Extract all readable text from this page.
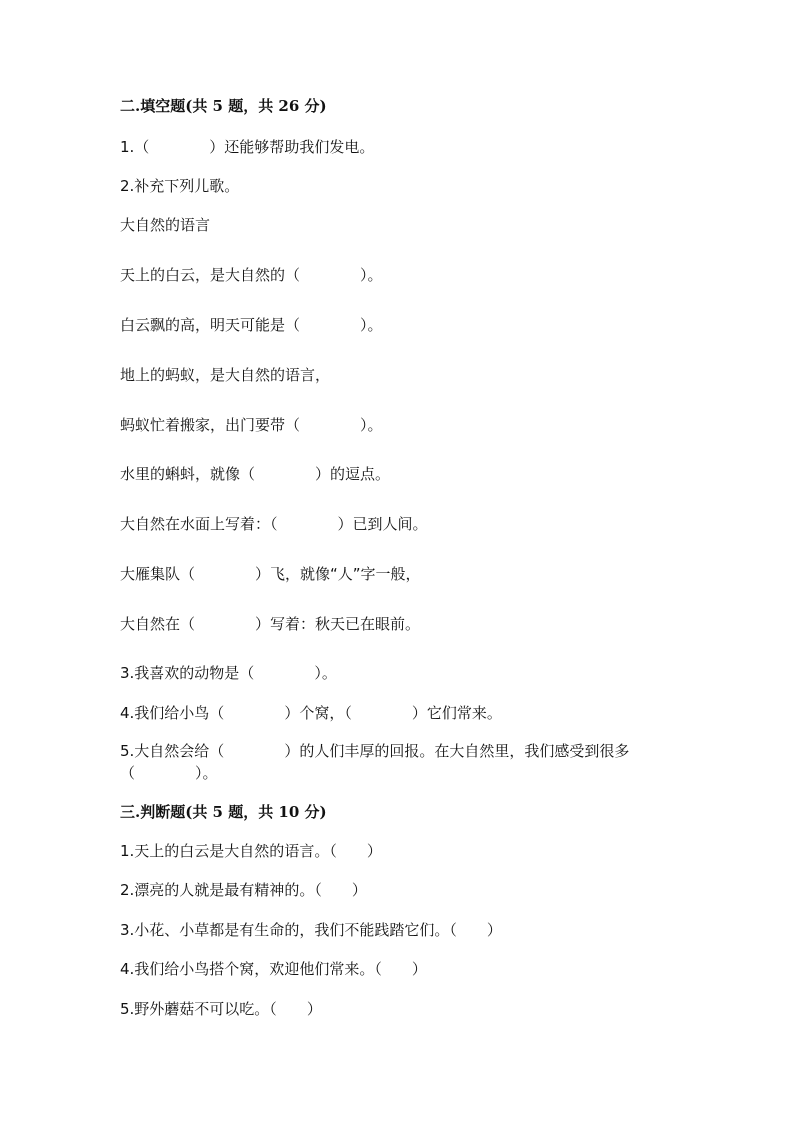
二.填空题(共 5 题，共 26 分)
1.（　　　　）还能够帮助我们发电。
2.补充下列儿歌。
大自然的语言
天上的白云，是大自然的（　　　　）。
白云飘的高，明天可能是（　　　　）。
地上的蚂蚁，是大自然的语言，
蚂蚁忙着搬家，出门要带（　　　　）。
水里的蝌蚪，就像（　　　　）的逗点。
大自然在水面上写着：（　　　　）已到人间。
大雁集队（　　　　）飞，就像“人”字一般，
大自然在（　　　　）写着：秋天已在眼前。
3.我喜欢的动物是（　　　　）。
4.我们给小鸟（　　　　）个窝，（　　　　）它们常来。
5.大自然会给（　　　　）的人们丰厚的回报。在大自然里，我们感受到很多
（　　　　）。
三.判断题(共 5 题，共 10 分)
1.天上的白云是大自然的语言。（　　）
2.漂亮的人就是最有精神的。（　　）
3.小花、小草都是有生命的，我们不能践踏它们。（　　）
4.我们给小鸟搭个窝，欢迎他们常来。（　　）
5.野外蘑菇不可以吃。（　　）
